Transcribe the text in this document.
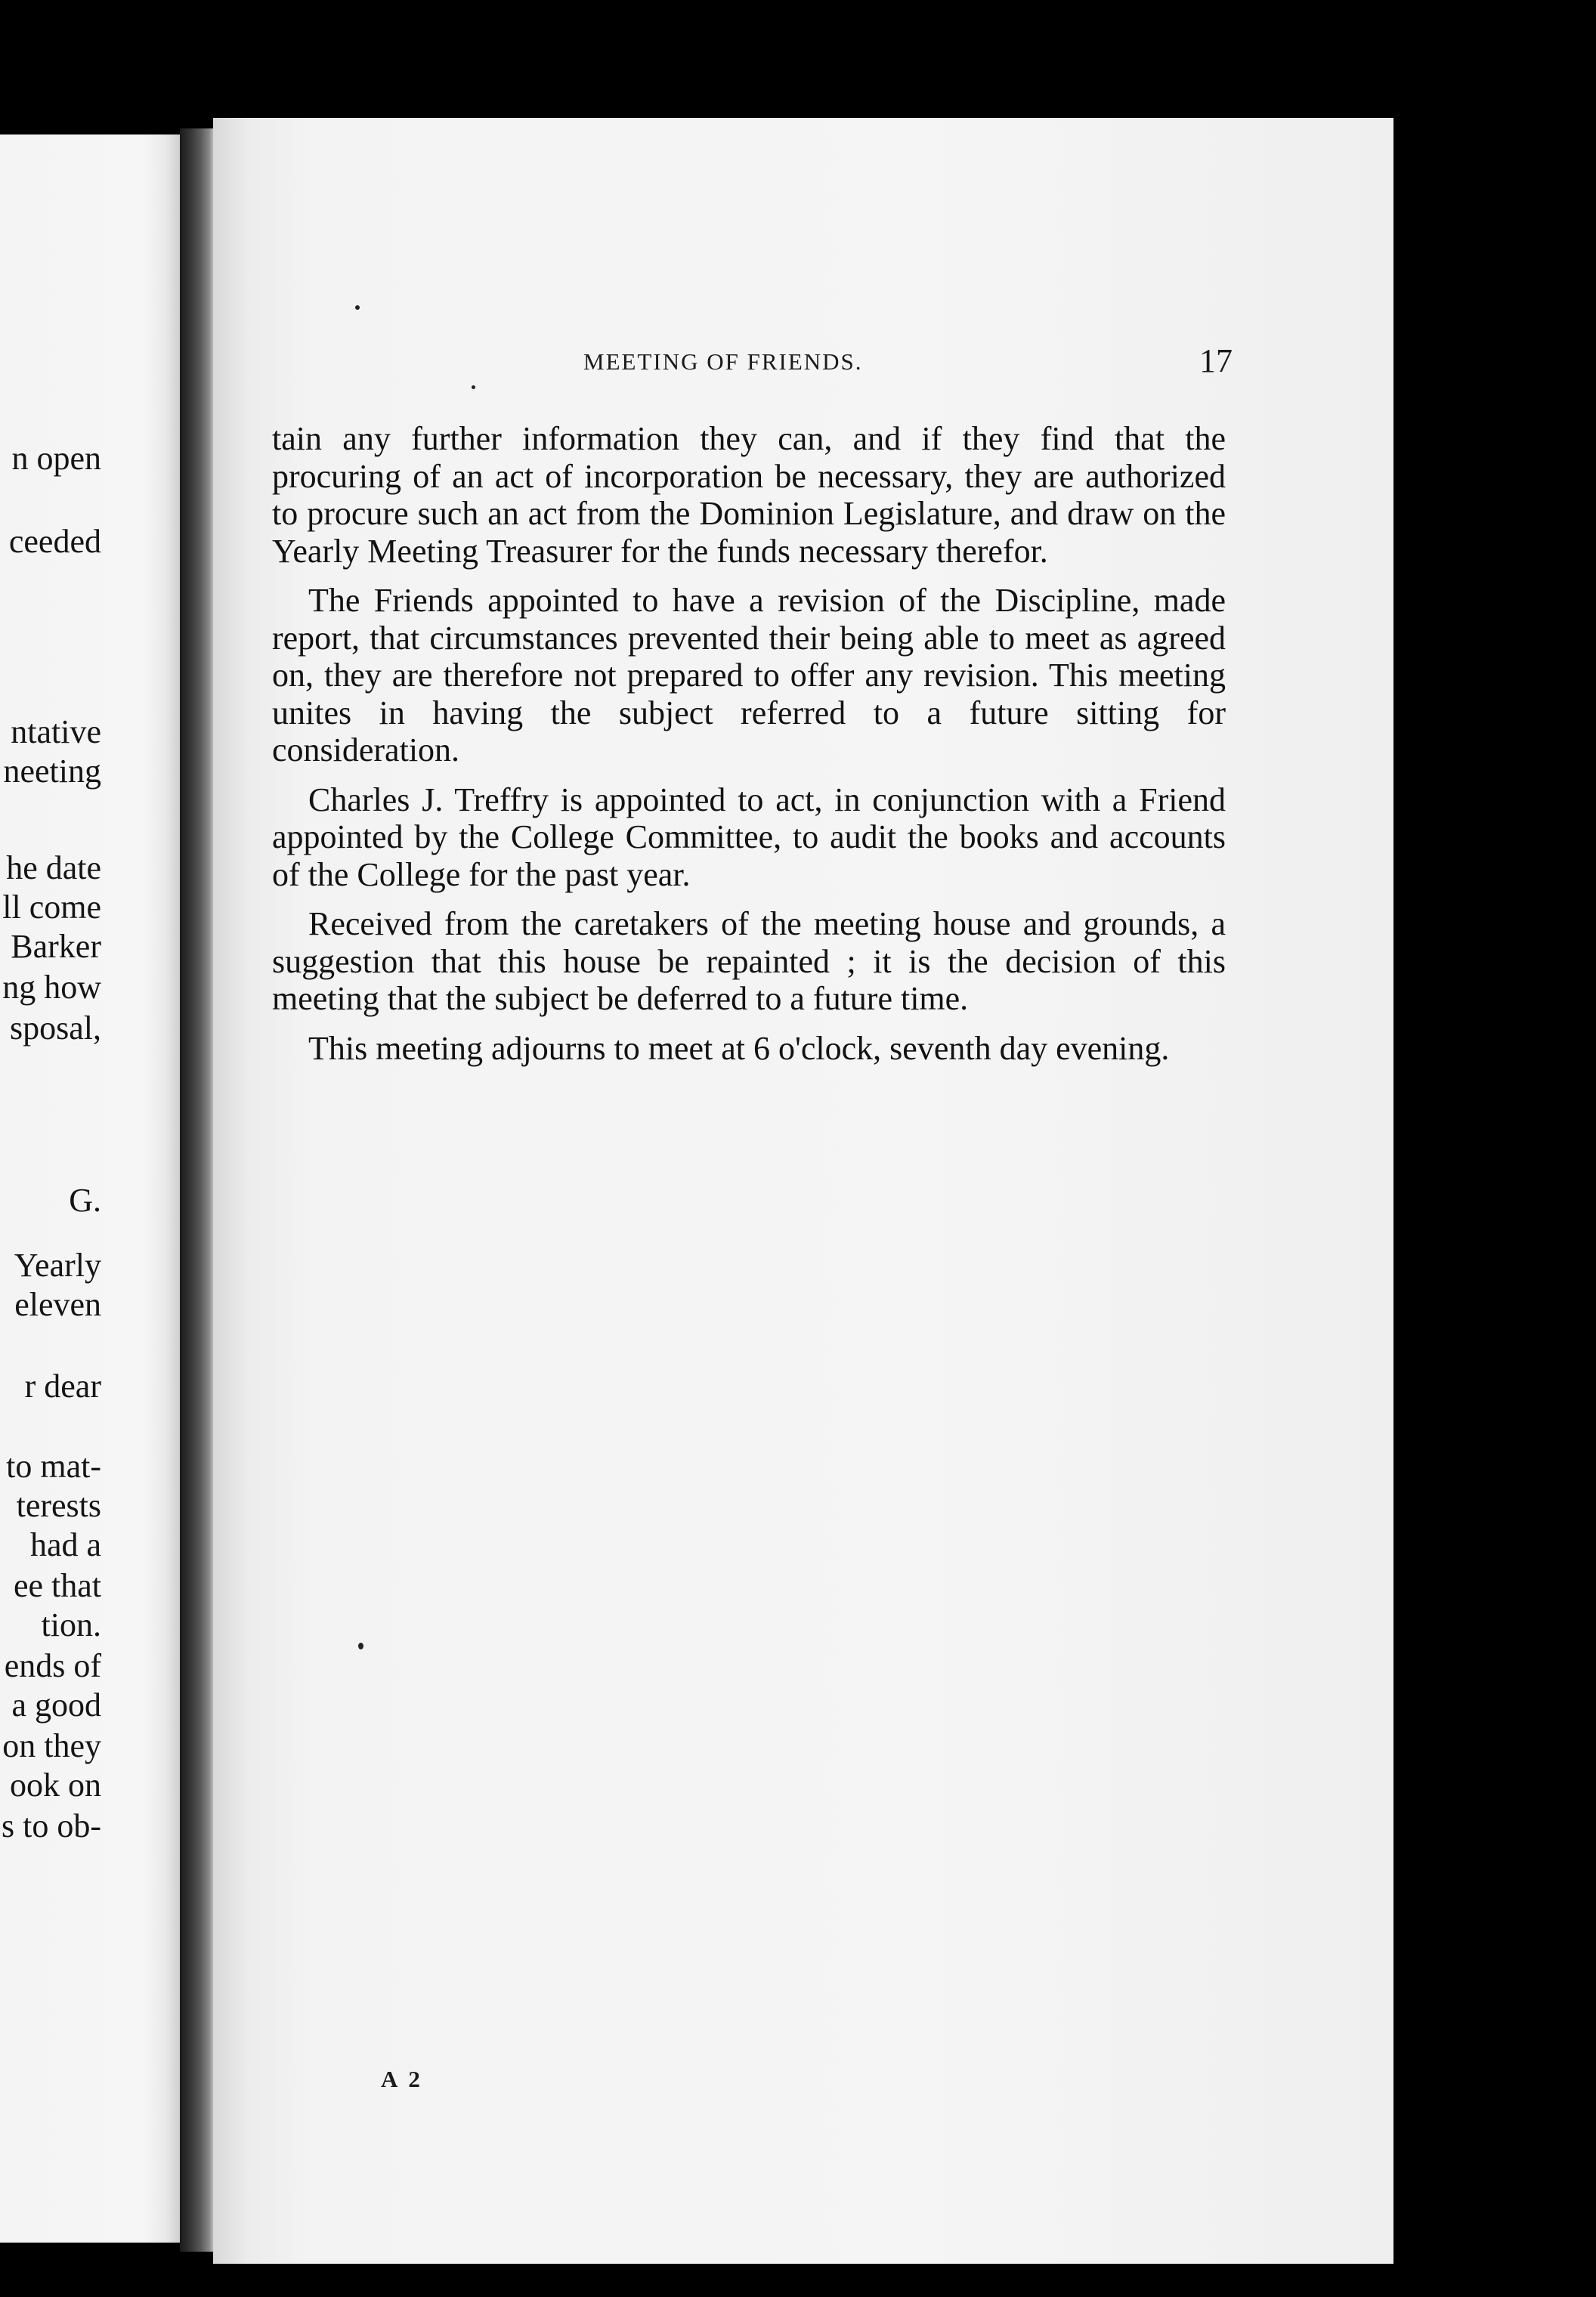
n open
ceeded
ntative
neeting
he date
ll come
Barker
ng how
sposal,
G.
Yearly
eleven
r dear
to mat-
terests
had a
ee that
tion.
ends of
a good
on they
ook on
s to ob-
MEETING OF FRIENDS.	17

tain any further information they can, and if they find that the procuring of an act of incorporation be necessary, they are authorized to procure such an act from the Dominion Legislature, and draw on the Yearly Meeting Treasurer for the funds necessary therefor.

The Friends appointed to have a revision of the Discipline, made report, that circumstances prevented their being able to meet as agreed on, they are therefore not prepared to offer any revision. This meeting unites in having the subject referred to a future sitting for consideration.

Charles J. Treffry is appointed to act, in conjunction with a Friend appointed by the College Committee, to audit the books and accounts of the College for the past year.

Received from the caretakers of the meeting house and grounds, a suggestion that this house be repainted ; it is the decision of this meeting that the subject be deferred to a future time.

This meeting adjourns to meet at 6 o'clock, seventh day evening.

A 2
